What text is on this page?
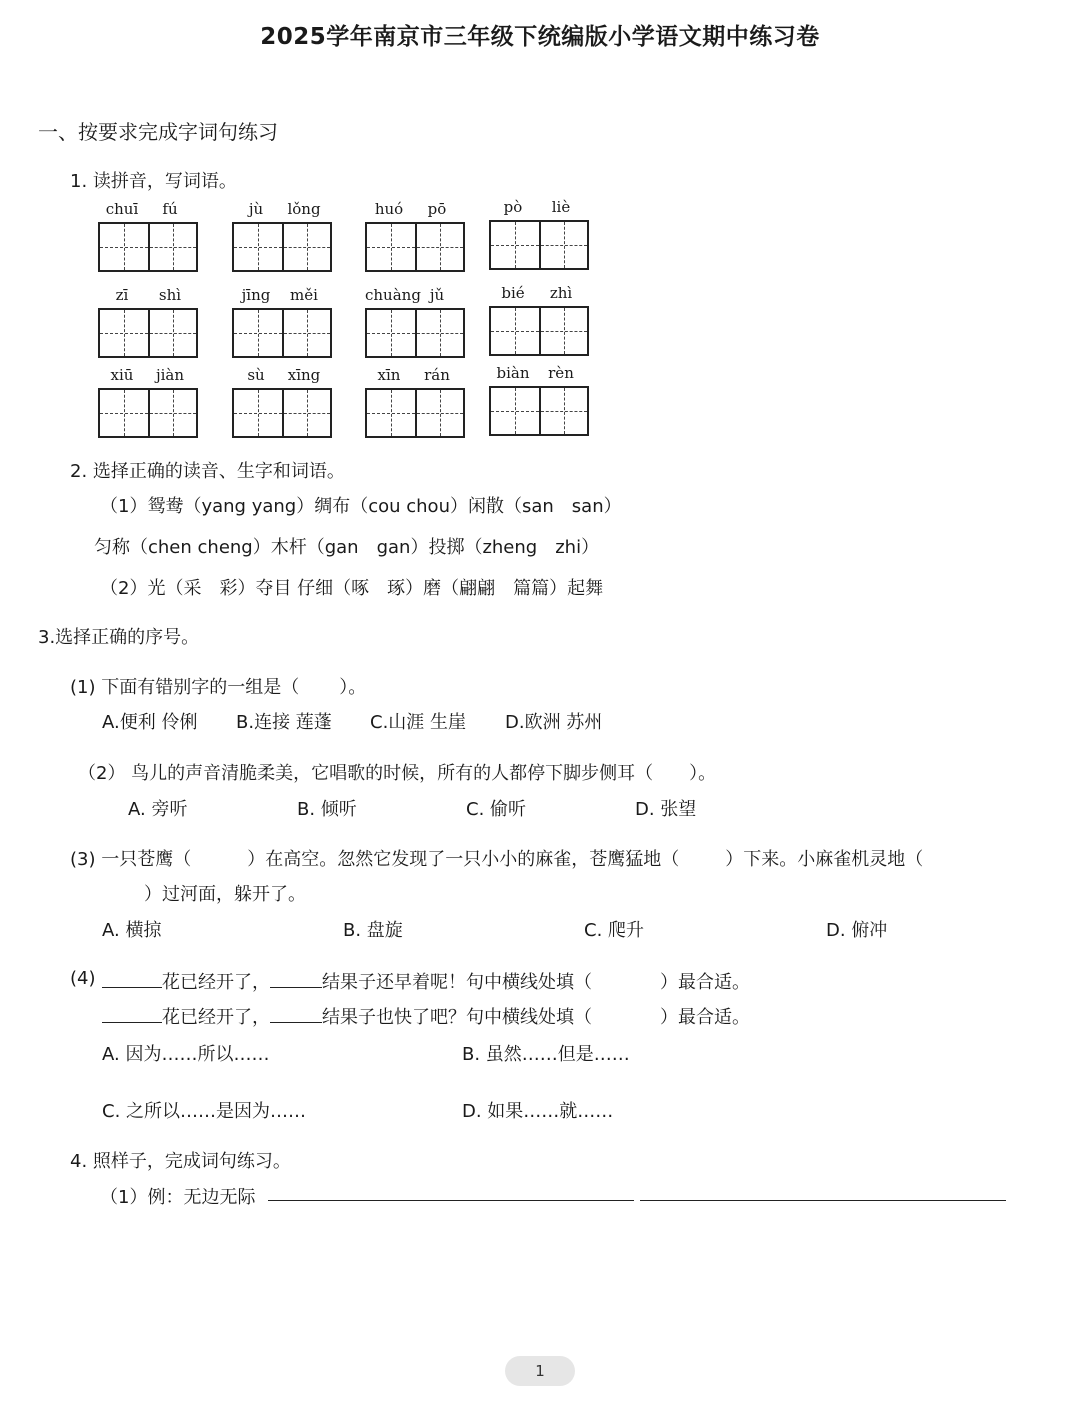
2025学年南京市三年级下统编版小学语文期中练习卷
一、按要求完成字词句练习
1. 读拼音，写词语。
chuī	fú	jù	lǒng	huó	pō	pò	liè
zī	shì	jīng	měi	chuàng jǔ	bié	zhì
xiū	jiàn	sù	xīng	xīn	rán	biàn	rèn
2. 选择正确的读音、生字和词语。
（1）鸳鸯（yang yang）绸布（cou chou）闲散（san　san）
匀称（chen cheng）木杆（gan　gan）投掷（zheng　zhi）
（2）光（采　彩）夺目 仔细（啄　琢）磨（翩翩　篇篇）起舞
3.选择正确的序号。
(1) 下面有错别字的一组是（ ）。
A.便利 伶俐 B.连接 莲蓬 C.山涯 生崖 D.欧洲 苏州
（2） 鸟儿的声音清脆柔美，它唱歌的时候，所有的人都停下脚步侧耳（ ）。
A. 旁听	B. 倾听	C. 偷听	D. 张望
(3) 一只苍鹰（	）在高空。忽然它发现了一只小小的麻雀，苍鹰猛地（	）下来。小麻雀机灵地（
）过河面，躲开了。
A. 横掠	B. 盘旋	C. 爬升	D. 俯冲
(4)	花已经开了，	结果子还早着呢！句中横线处填（	）最合适。
花已经开了，	结果子也快了吧？句中横线处填（	）最合适。
A. 因为……所以……	B. 虽然……但是……
C. 之所以……是因为……	D. 如果……就……
4. 照样子，完成词句练习。
（1）例：无边无际
1
